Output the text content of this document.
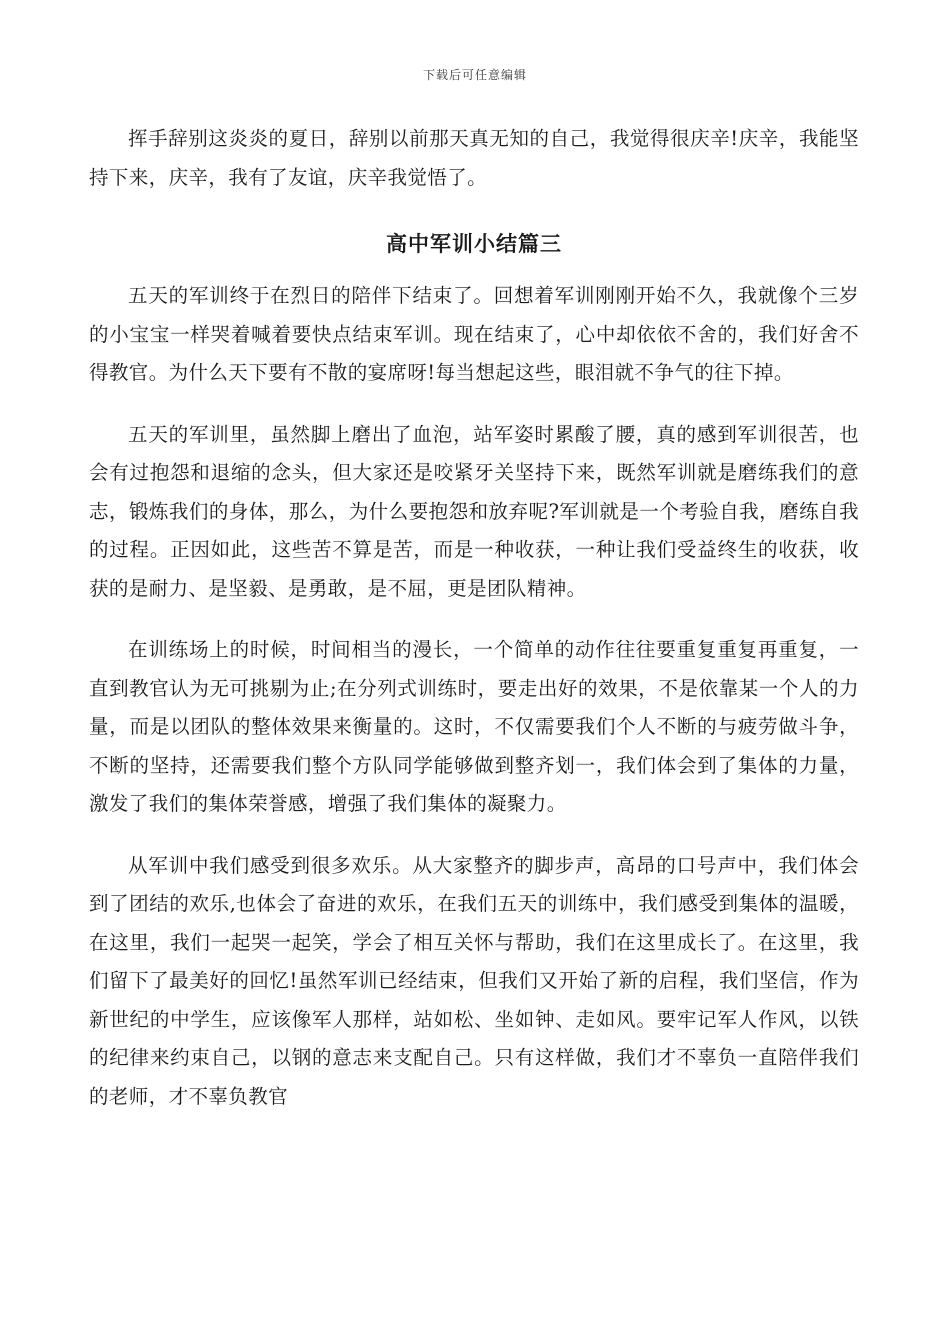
下载后可任意编辑

挥手辞别这炎炎的夏日，辞别以前那天真无知的自己，我觉得很庆辛!庆辛，我能坚持下来，庆辛，我有了友谊，庆辛我觉悟了。

高中军训小结篇三

五天的军训终于在烈日的陪伴下结束了。回想着军训刚刚开始不久，我就像个三岁的小宝宝一样哭着喊着要快点结束军训。现在结束了，心中却依依不舍的，我们好舍不得教官。为什么天下要有不散的宴席呀!每当想起这些，眼泪就不争气的往下掉。

五天的军训里，虽然脚上磨出了血泡，站军姿时累酸了腰，真的感到军训很苦，也会有过抱怨和退缩的念头，但大家还是咬紧牙关坚持下来，既然军训就是磨练我们的意志，锻炼我们的身体，那么，为什么要抱怨和放弃呢?军训就是一个考验自我，磨练自我的过程。正因如此，这些苦不算是苦，而是一种收获，一种让我们受益终生的收获，收获的是耐力、是坚毅、是勇敢，是不屈，更是团队精神。

在训练场上的时候，时间相当的漫长，一个简单的动作往往要重复重复再重复，一直到教官认为无可挑剔为止;在分列式训练时，要走出好的效果，不是依靠某一个人的力量，而是以团队的整体效果来衡量的。这时，不仅需要我们个人不断的与疲劳做斗争，不断的坚持，还需要我们整个方队同学能够做到整齐划一，我们体会到了集体的力量，激发了我们的集体荣誉感，增强了我们集体的凝聚力。

从军训中我们感受到很多欢乐。从大家整齐的脚步声，高昂的口号声中，我们体会到了团结的欢乐,也体会了奋进的欢乐，在我们五天的训练中，我们感受到集体的温暖，在这里，我们一起哭一起笑，学会了相互关怀与帮助，我们在这里成长了。在这里，我们留下了最美好的回忆!虽然军训已经结束，但我们又开始了新的启程，我们坚信，作为新世纪的中学生，应该像军人那样，站如松、坐如钟、走如风。要牢记军人作风，以铁的纪律来约束自己，以钢的意志来支配自己。只有这样做，我们才不辜负一直陪伴我们的老师，才不辜负教官
